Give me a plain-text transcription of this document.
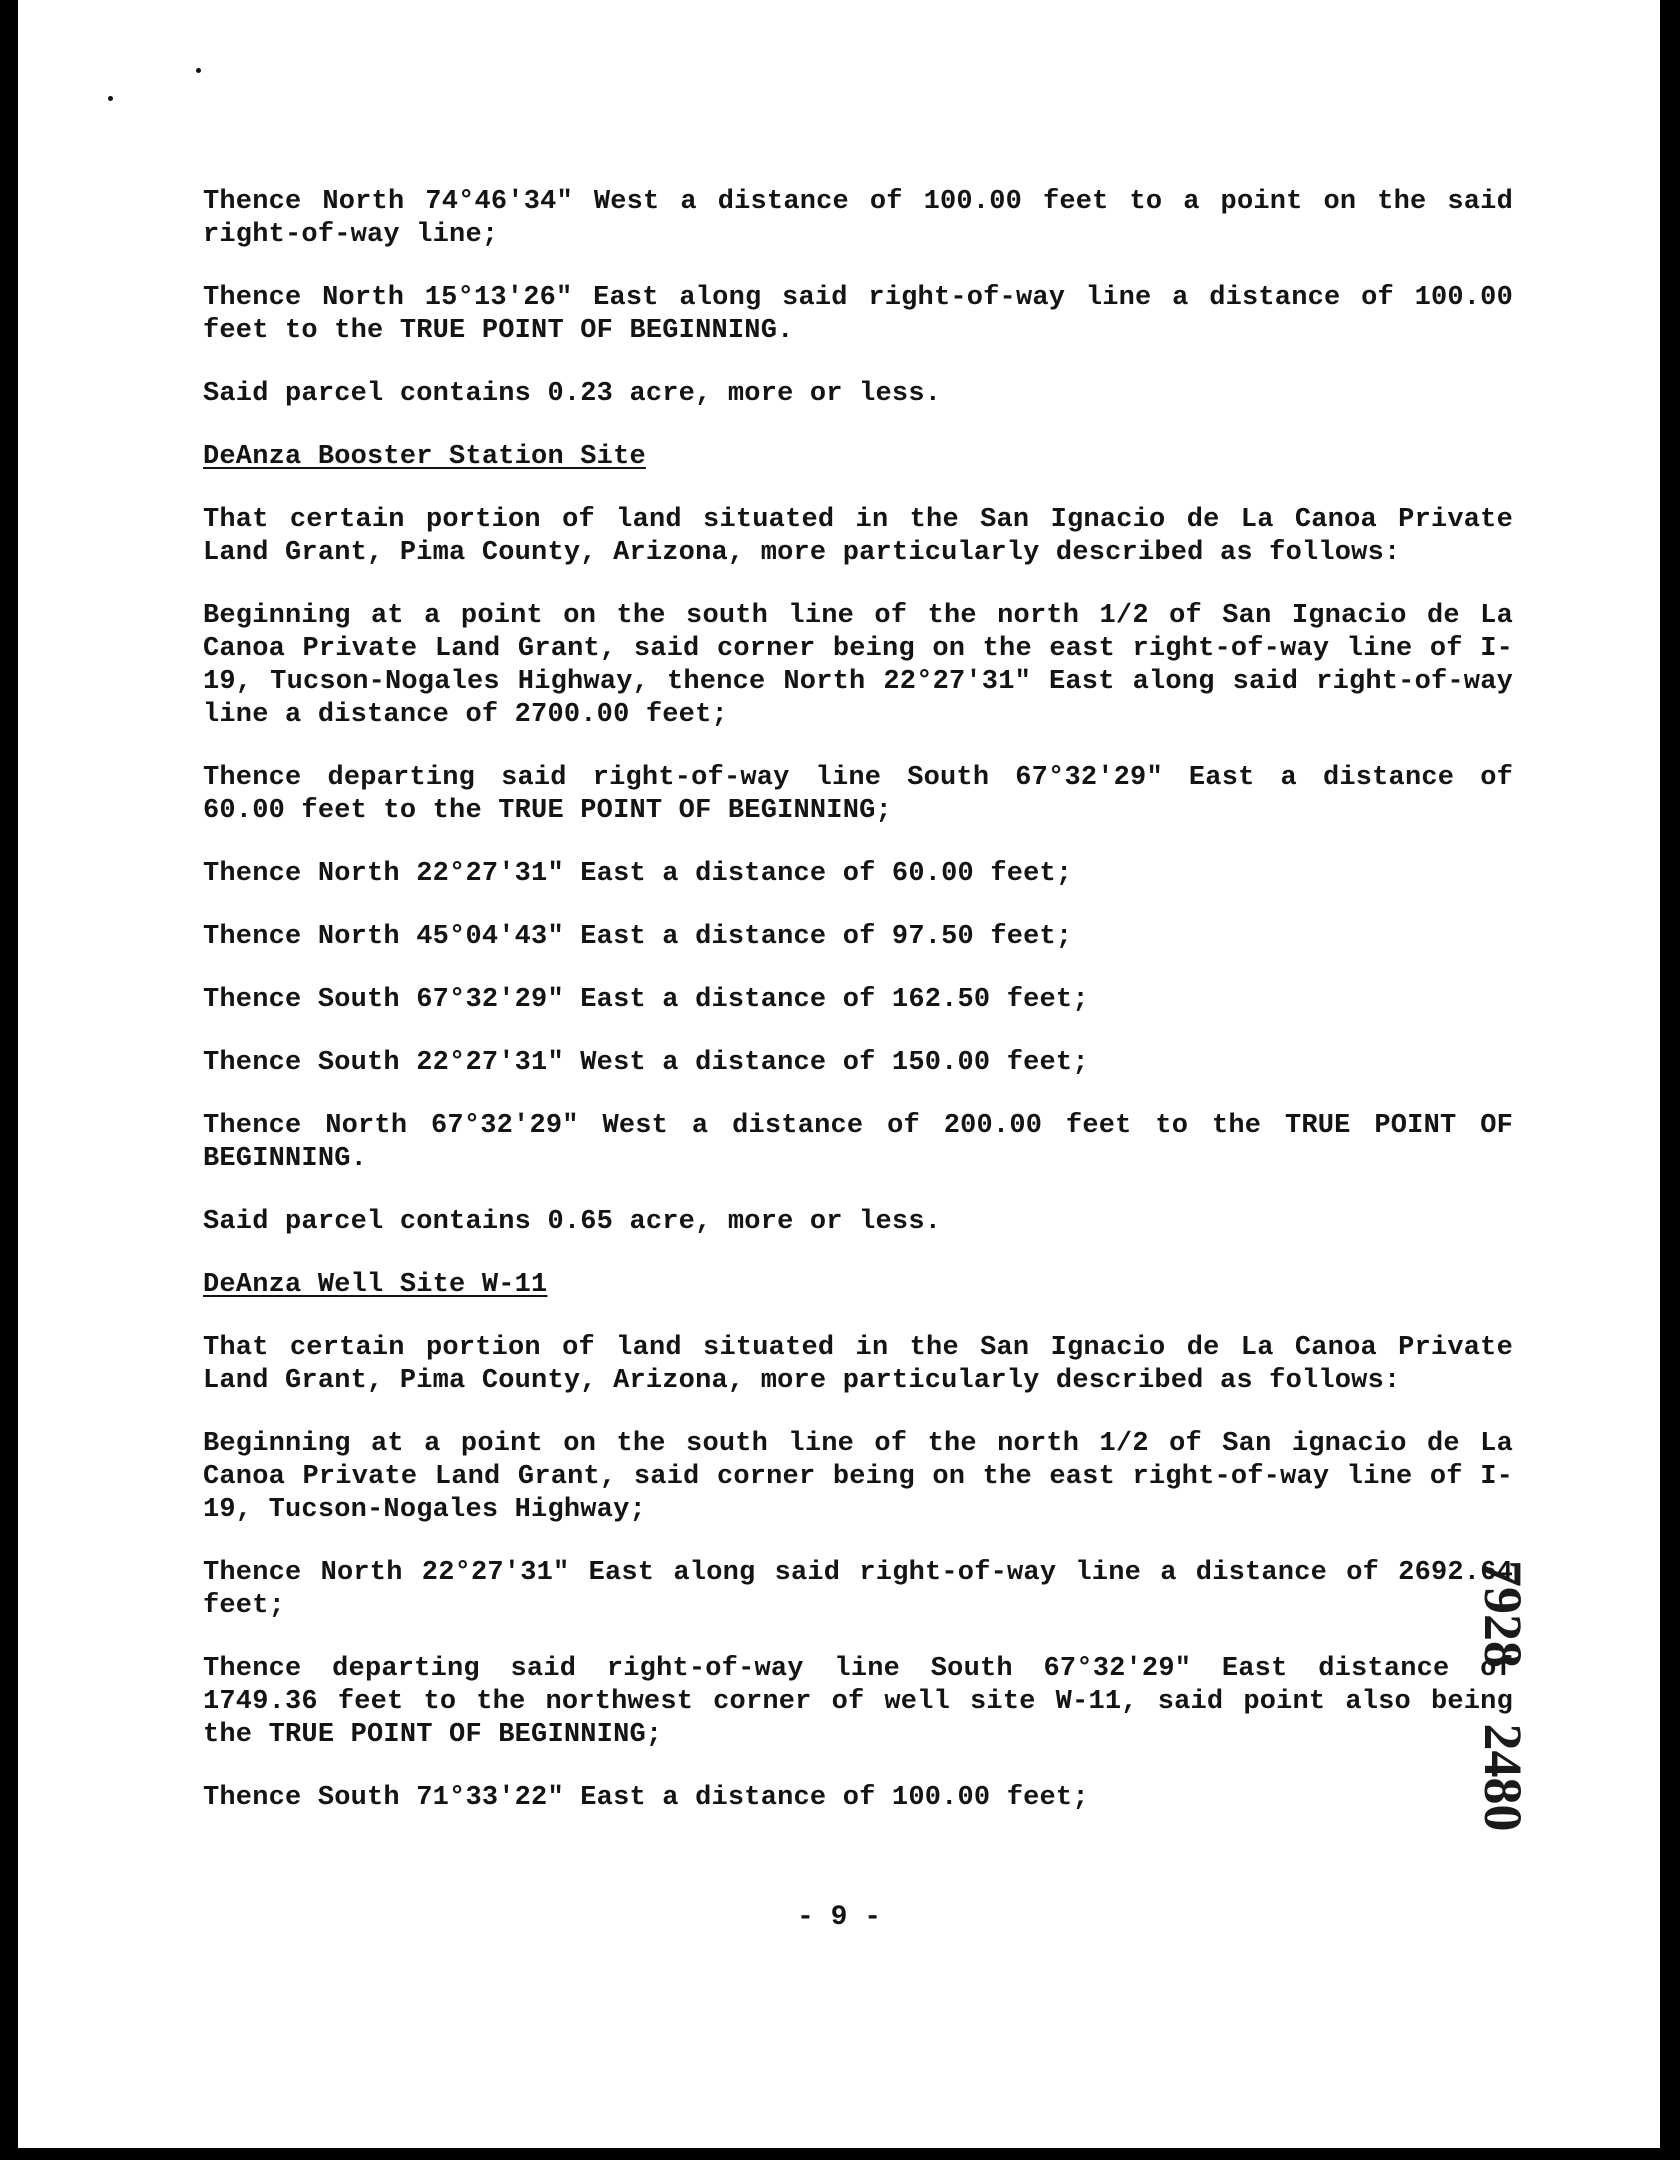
Thence North 74°46'34" West a distance of 100.00 feet to a point on the said right-of-way line;

Thence North 15°13'26" East along said right-of-way line a distance of 100.00 feet to the TRUE POINT OF BEGINNING.

Said parcel contains 0.23 acre, more or less.

DeAnza Booster Station Site

That certain portion of land situated in the San Ignacio de La Canoa Private Land Grant, Pima County, Arizona, more particularly described as follows:

Beginning at a point on the south line of the north 1/2 of San Ignacio de La Canoa Private Land Grant, said corner being on the east right-of-way line of I-19, Tucson-Nogales Highway, thence North 22°27'31" East along said right-of-way line a distance of 2700.00 feet;

Thence departing said right-of-way line South 67°32'29" East a distance of 60.00 feet to the TRUE POINT OF BEGINNING;

Thence North 22°27'31" East a distance of 60.00 feet;

Thence North 45°04'43" East a distance of 97.50 feet;

Thence South 67°32'29" East a distance of 162.50 feet;

Thence South 22°27'31" West a distance of 150.00 feet;

Thence North 67°32'29" West a distance of 200.00 feet to the TRUE POINT OF BEGINNING.

Said parcel contains 0.65 acre, more or less.

DeAnza Well Site W-11

That certain portion of land situated in the San Ignacio de La Canoa Private Land Grant, Pima County, Arizona, more particularly described as follows:

Beginning at a point on the south line of the north 1/2 of San ignacio de La Canoa Private Land Grant, said corner being on the east right-of-way line of I-19, Tucson-Nogales Highway;

Thence North 22°27'31" East along said right-of-way line a distance of 2692.64 feet;

Thence departing said right-of-way line South 67°32'29" East distance of 1749.36 feet to the northwest corner of well site W-11, said point also being the TRUE POINT OF BEGINNING;

Thence South 71°33'22" East a distance of 100.00 feet;	7928 2480
- 9 -
